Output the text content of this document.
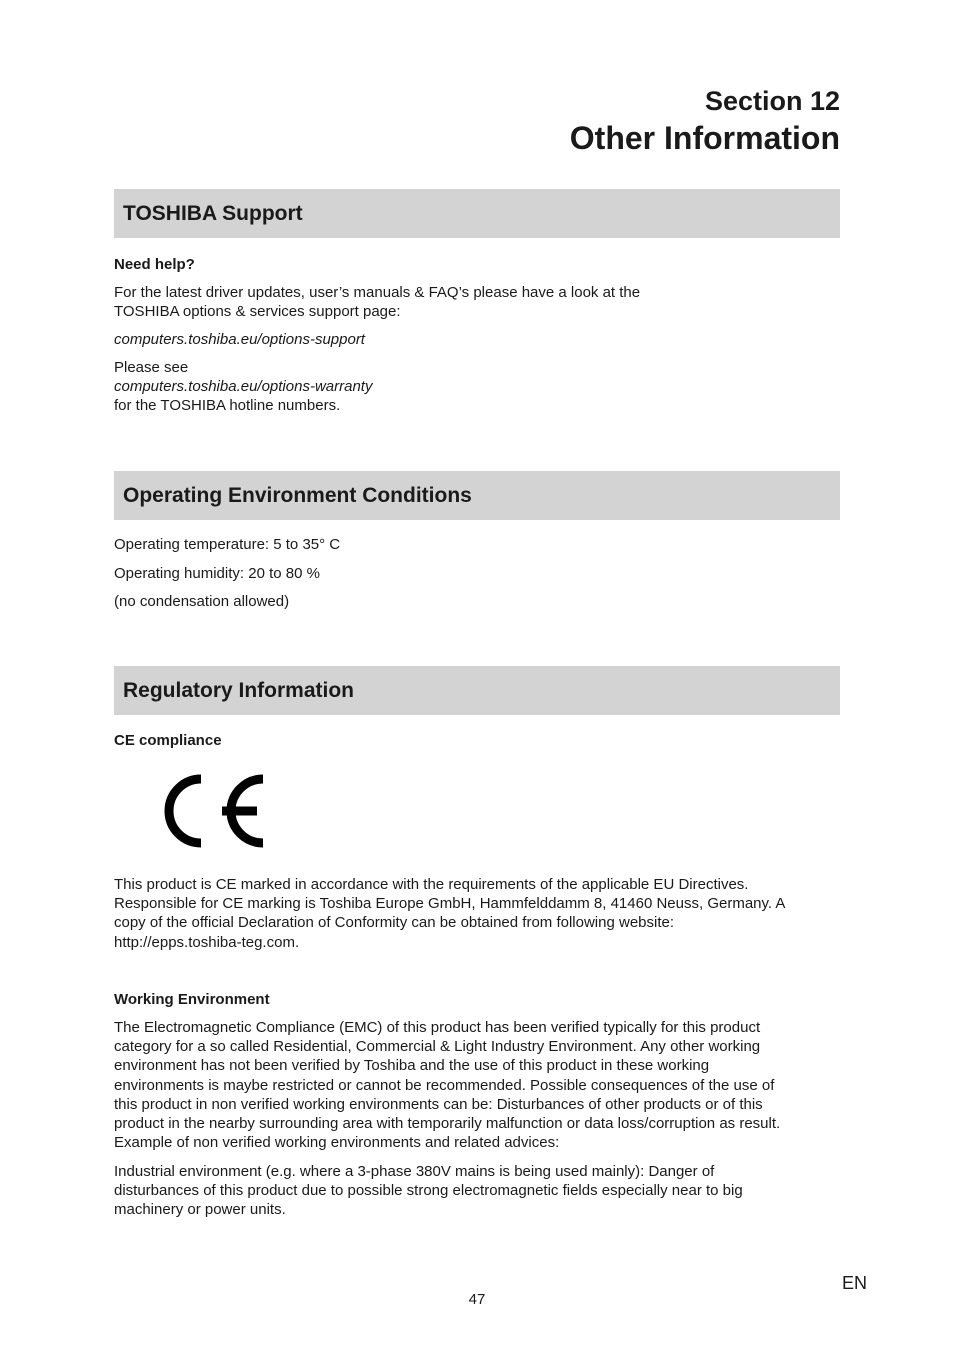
Section 12
Other Information
TOSHIBA Support

Need help?

For the latest driver updates, user’s manuals & FAQ’s please have a look at the

TOSHIBA options & services support page:

computers.toshiba.eu/options-support

Please see

computers.toshiba.eu/options-warranty

for the TOSHIBA hotline numbers.

Operating Environment Conditions

Operating temperature: 5 to 35° C

Operating humidity: 20 to 80 %

(no condensation allowed)

Regulatory Information

CE compliance

This product is CE marked in accordance with the requirements of the applicable EU Directives.

Responsible for CE marking is Toshiba Europe GmbH, Hammfelddamm 8, 41460 Neuss, Germany. A

copy of the official Declaration of Conformity can be obtained from following website:

http://epps.toshiba-teg.com.

Working Environment

The Electromagnetic Compliance (EMC) of this product has been verified typically for this product

category for a so called Residential, Commercial & Light Industry Environment. Any other working

environment has not been verified by Toshiba and the use of this product in these working

environments is maybe restricted or cannot be recommended. Possible consequences of the use of

this product in non verified working environments can be: Disturbances of other products or of this

product in the nearby surrounding area with temporarily malfunction or data loss/corruption as result.

Example of non verified working environments and related advices:

Industrial environment (e.g. where a 3-phase 380V mains is being used mainly): Danger of

disturbances of this product due to possible strong electromagnetic fields especially near to big

machinery or power units.

EN
47
